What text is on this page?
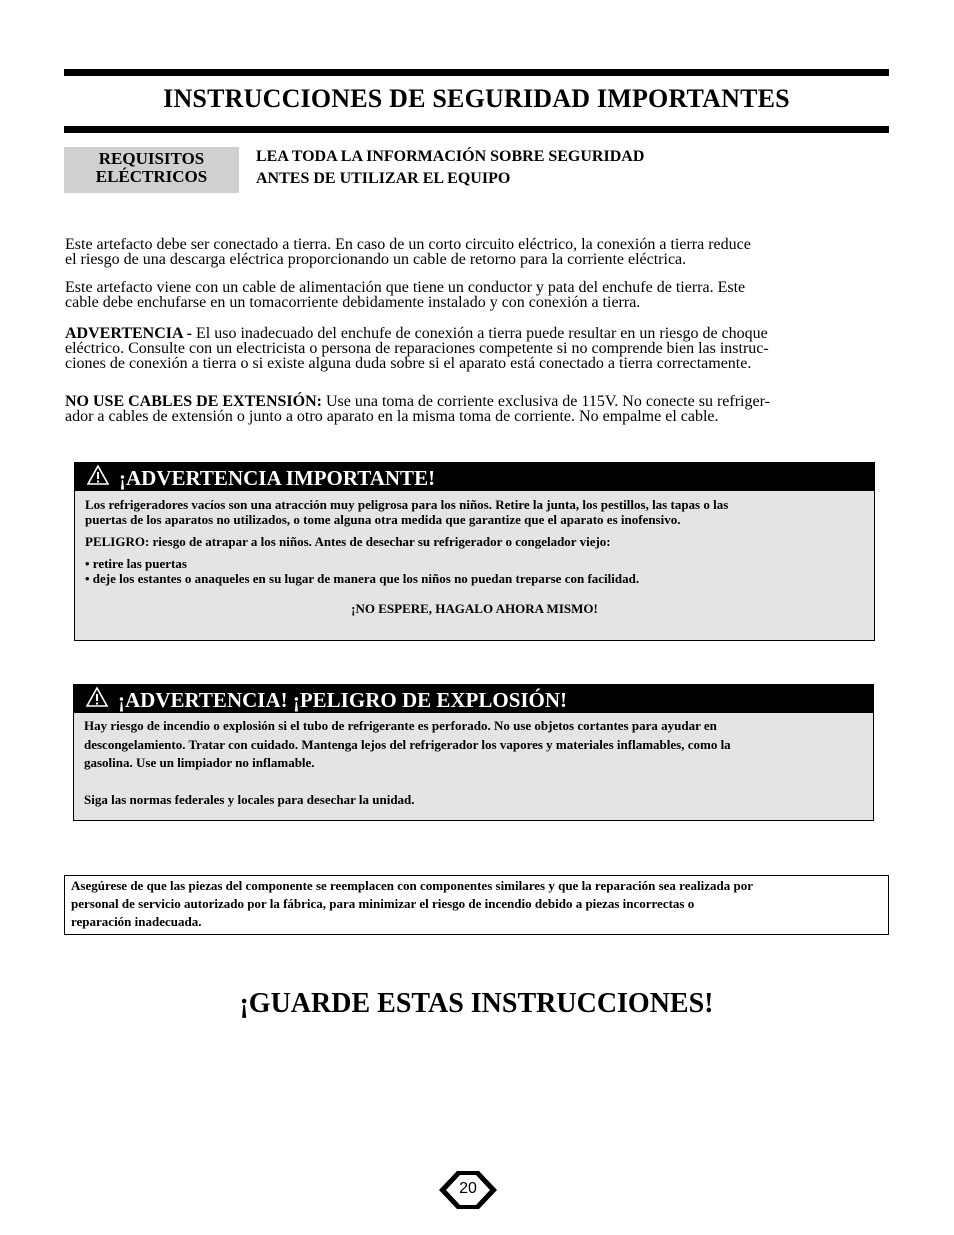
INSTRUCCIONES DE SEGURIDAD IMPORTANTES
REQUISITOS
ELÉCTRICOS
LEA TODA LA INFORMACIÓN SOBRE SEGURIDAD
ANTES DE UTILIZAR EL EQUIPO
Este artefacto debe ser conectado a tierra. En caso de un corto circuito eléctrico, la conexión a tierra reduce
el riesgo de una descarga eléctrica proporcionando un cable de retorno para la corriente eléctrica.
Este artefacto viene con un cable de alimentación que tiene un conductor y pata del enchufe de tierra. Este
cable debe enchufarse en un tomacorriente debidamente instalado y con conexión a tierra.
ADVERTENCIA - El uso inadecuado del enchufe de conexión a tierra puede resultar en un riesgo de choque
eléctrico. Consulte con un electricista o persona de reparaciones competente si no comprende bien las instruc-
ciones de conexión a tierra o si existe alguna duda sobre si el aparato está conectado a tierra correctamente.
NO USE CABLES DE EXTENSIÓN: Use una toma de corriente exclusiva de 115V. No conecte su refriger-
ador a cables de extensión o junto a otro aparato en la misma toma de corriente. No empalme el cable.
¡ADVERTENCIA IMPORTANTE!

Los refrigeradores vacíos son una atracción muy peligrosa para los niños. Retire la junta, los pestillos, las tapas o las

puertas de los aparatos no utilizados, o tome alguna otra medida que garantize que el aparato es inofensivo.

PELIGRO: riesgo de atrapar a los niños. Antes de desechar su refrigerador o congelador viejo:

• retire las puertas

• deje los estantes o anaqueles en su lugar de manera que los niños no puedan treparse con facilidad.

¡NO ESPERE, HAGALO AHORA MISMO!

¡ADVERTENCIA! ¡PELIGRO DE EXPLOSIÓN!

Hay riesgo de incendio o explosión si el tubo de refrigerante es perforado. No use objetos cortantes para ayudar en

descongelamiento. Tratar con cuidado. Mantenga lejos del refrigerador los vapores y materiales inflamables, como la

gasolina. Use un limpiador no inflamable.

Siga las normas federales y locales para desechar la unidad.

Asegúrese de que las piezas del componente se reemplacen con componentes similares y que la reparación sea realizada por
personal de servicio autorizado por la fábrica, para minimizar el riesgo de incendio debido a piezas incorrectas o
reparación inadecuada.
¡GUARDE ESTAS INSTRUCCIONES!
20
